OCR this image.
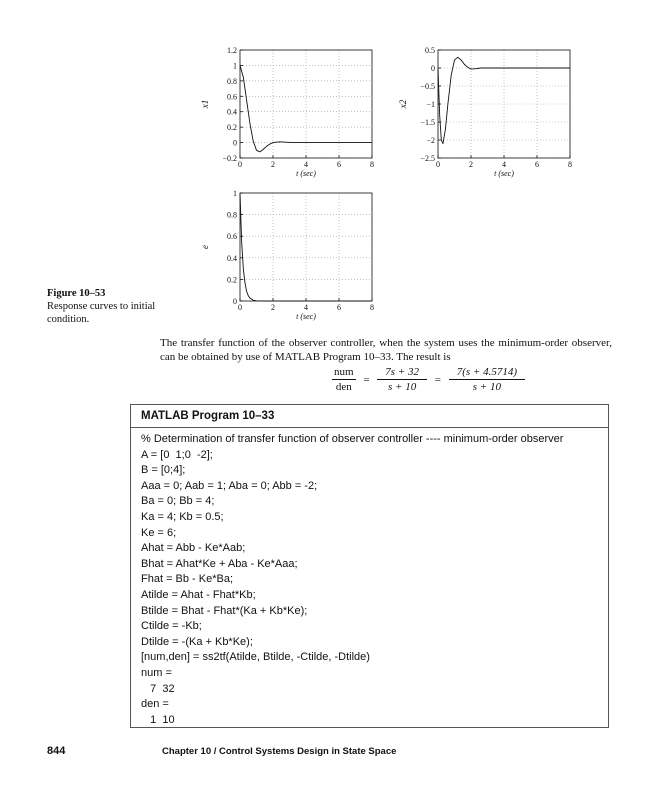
0	2	4	6	8
−0.2
0
0.2
0.4
0.6
0.8
1
1.2
t (sec)
x1
0	2	4	6	8
−2.5
−2
−1.5
−1
−0.5
0
0.5
t (sec)
x2
0	2	4	6	8
0
0.2
0.4
0.6
0.8
1
t (sec)
e
Figure 10–53
Response curves to initial condition.
The transfer function of the observer controller, when the system uses the minimum-order observer, can be obtained by use of MATLAB Program 10–33. The result is
$\frac{\text{num}}{\text{den}} = \frac{7s + 32}{s + 10} = \frac{7(s + 4.5714)}{s + 10}$
MATLAB Program 10–33
% Determination of transfer function of observer controller ---- minimum-order observer
A = [0  1;0  -2];
B = [0;4];
Aaa = 0; Aab = 1; Aba = 0; Abb = -2;
Ba = 0; Bb = 4;
Ka = 4; Kb = 0.5;
Ke = 6;
Ahat = Abb - Ke*Aab;
Bhat = Ahat*Ke + Aba - Ke*Aaa;
Fhat = Bb - Ke*Ba;
Atilde = Ahat - Fhat*Kb;
Btilde = Bhat - Fhat*(Ka + Kb*Ke);
Ctilde = -Kb;
Dtilde = -(Ka + Kb*Ke);
[num,den] = ss2tf(Atilde, Btilde, -Ctilde, -Dtilde)
num =
7  32
den =
1  10
844	Chapter 10 / Control Systems Design in State Space
